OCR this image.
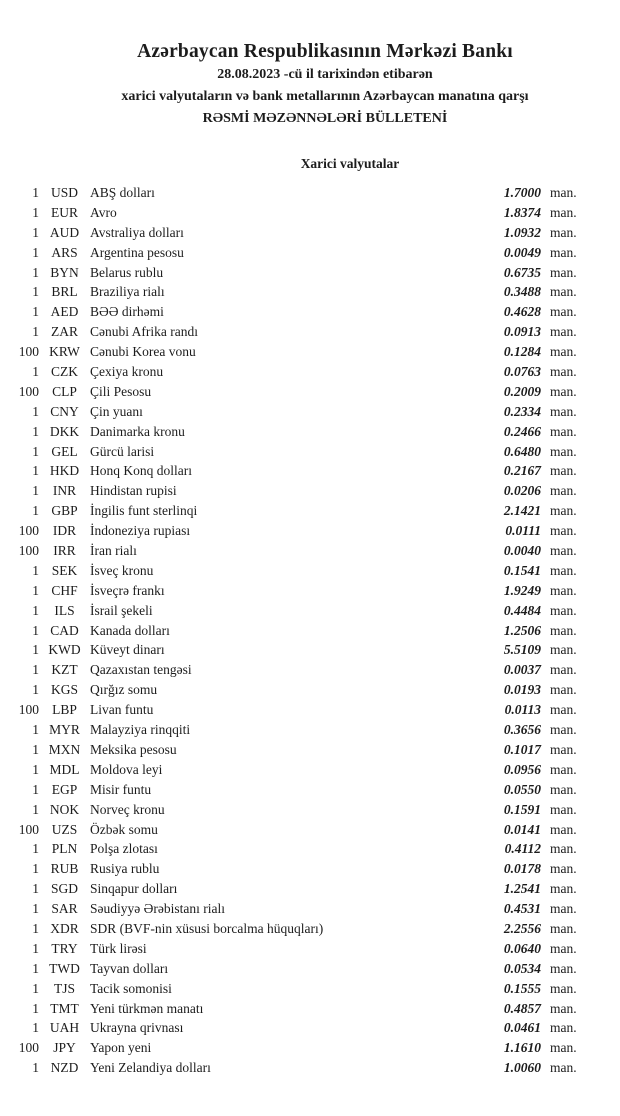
Azərbaycan Respublikasının Mərkəzi Bankı
28.08.2023 -cü il tarixindən etibarən
xarici valyutaların və bank metallarının Azərbaycan manatına qarşı
RƏSMİ MƏZƏNNƏLƏRİ BÜLLETENİ
Xarici valyutalar
1 USD ABŞ dolları	1.7000 man.
1 EUR Avro	1.8374 man.
1 AUD Avstraliya dolları	1.0932 man.
1 ARS Argentina pesosu	0.0049 man.
1 BYN Belarus rublu	0.6735 man.
1 BRL Braziliya rialı	0.3488 man.
1 AED BƏƏ dirhəmi	0.4628 man.
1 ZAR Cənubi Afrika randı	0.0913 man.
100 KRW Cənubi Korea vonu	0.1284 man.
1 CZK Çexiya kronu	0.0763 man.
100 CLP Çili Pesosu	0.2009 man.
1 CNY Çin yuanı	0.2334 man.
1 DKK Danimarka kronu	0.2466 man.
1 GEL Gürcü larisi	0.6480 man.
1 HKD Honq Konq dolları	0.2167 man.
1	INR	Hindistan rupisi	0.0206 man.
1 GBP İngilis funt sterlinqi	2.1421 man.
100	IDR	İndoneziya rupiası	0.0111 man.
100	IRR	İran rialı	0.0040 man.
1 SEK İsveç kronu	0.1541 man.
1 CHF İsveçrə frankı	1.9249 man.
1	ILS	İsrail şekeli	0.4484 man.
1 CAD Kanada dolları	1.2506 man.
1 KWD Küveyt dinarı	5.5109 man.
1 KZT Qazaxıstan tengəsi	0.0037 man.
1 KGS Qırğız somu	0.0193 man.
100 LBP Livan funtu	0.0113 man.
1 MYR Malayziya rinqqiti	0.3656 man.
1 MXN Meksika pesosu	0.1017 man.
1 MDL Moldova leyi	0.0956 man.
1 EGP Misir funtu	0.0550 man.
1 NOK Norveç kronu	0.1591 man.
100 UZS Özbək somu	0.0141 man.
1 PLN Polşa zlotası	0.4112 man.
1 RUB Rusiya rublu	0.0178 man.
1 SGD Sinqapur dolları	1.2541 man.
1 SAR Səudiyyə Ərəbistanı rialı	0.4531 man.
1 XDR SDR (BVF-nin xüsusi borcalma hüquqları)	2.2556 man.
1 TRY Türk lirəsi	0.0640 man.
1 TWD Tayvan dolları	0.0534 man.
1	TJS	Tacik somonisi	0.1555 man.
1 TMT Yeni türkmən manatı	0.4857 man.
1 UAH Ukrayna qrivnası	0.0461 man.
100	JPY	Yapon yeni	1.1610 man.
1 NZD Yeni Zelandiya dolları	1.0060 man.
